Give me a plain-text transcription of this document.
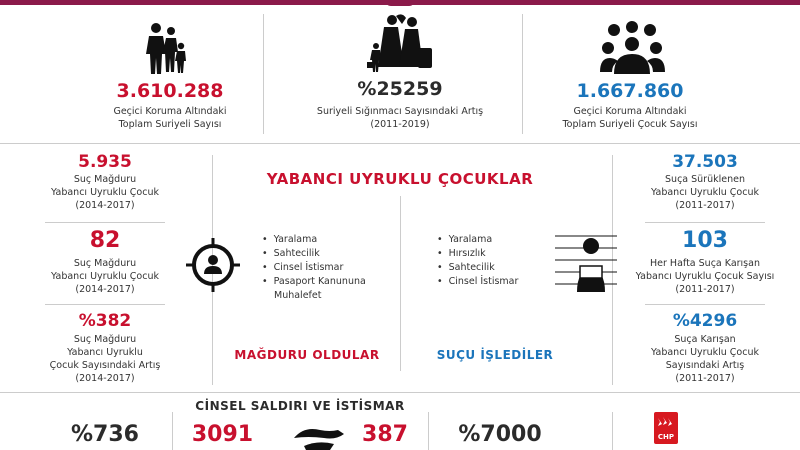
3.610.288
Geçici Koruma Altındaki
Toplam Suriyeli Sayısı
%25259
Suriyeli Sığınmacı Sayısındaki Artış
(2011-2019)
1.667.860
Geçici Koruma Altındaki
Toplam Suriyeli Çocuk Sayısı
YABANCI UYRUKLU ÇOCUKLAR
5.935
Suç Mağduru
Yabancı Uyruklu Çocuk
(2014-2017)
82
Suç Mağduru
Yabancı Uyruklu Çocuk
(2014-2017)
%382
Suç Mağduru
Yabancı Uyruklu
Çocuk Sayısındaki Artış
(2014-2017)
• Yaralama
• Sahtecilik
• Cinsel İstismar
• Pasaport Kanununa
Muhalefet
MAĞDURU OLDULAR
• Yaralama
• Hırsızlık
• Sahtecilik
• Cinsel İstismar
SUÇU İŞLEDİLER
37.503
Suça Sürüklenen
Yabancı Uyruklu Çocuk
(2011-2017)
103
Her Hafta Suça Karışan
Yabancı Uyruklu Çocuk Sayısı
(2011-2017)
%4296
Suça Karışan
Yabancı Uyruklu Çocuk
Sayısındaki Artış
(2011-2017)
CİNSEL SALDIRI VE İSTİSMAR
%736	3091	387	%7000	CHP
